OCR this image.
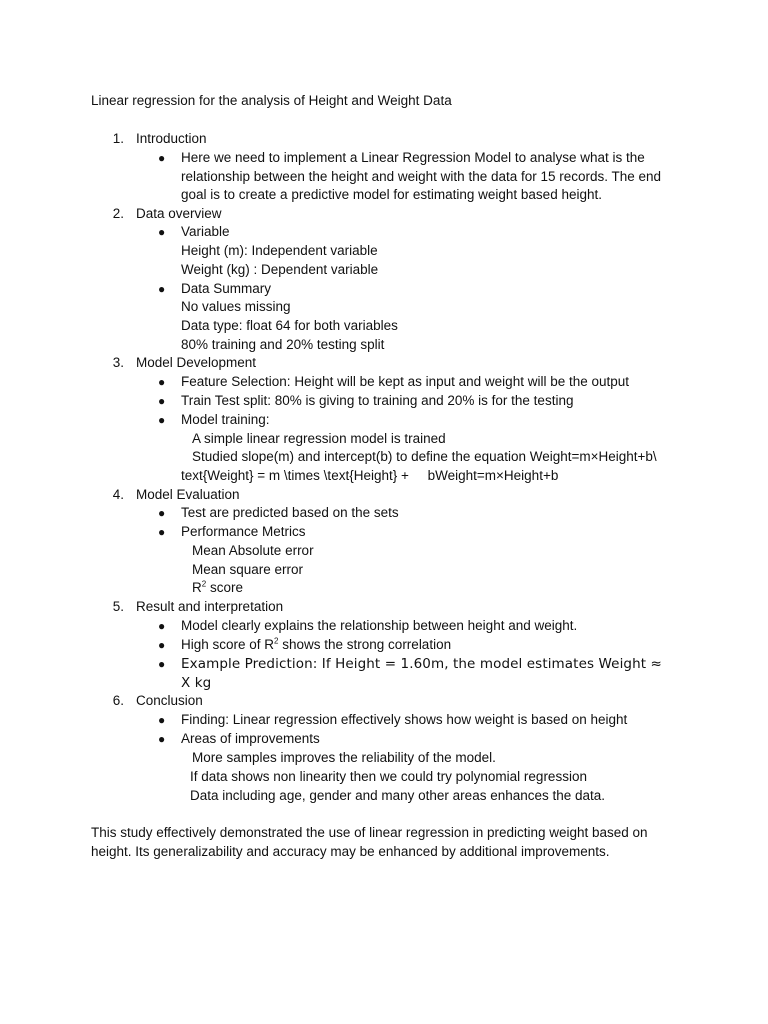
Linear regression for the analysis of Height and Weight Data
1. Introduction
● Here we need to implement a Linear Regression Model to analyse what is the
relationship between the height and weight with the data for 15 records. The end
goal is to create a predictive model for estimating weight based height.
2. Data overview
● Variable
Height (m): Independent variable
Weight (kg) : Dependent variable
● Data Summary
No values missing
Data type: float 64 for both variables
80% training and 20% testing split
3. Model Development
● Feature Selection: Height will be kept as input and weight will be the output
● Train Test split: 80% is giving to training and 20% is for the testing
● Model training:
A simple linear regression model is trained
Studied slope(m) and intercept(b) to define the equation Weight=m×Height+b\
text{Weight} = m \times \text{Height} +     bWeight=m×Height+b
4. Model Evaluation
● Test are predicted based on the sets
● Performance Metrics
Mean Absolute error
Mean square error
$R^2$ score
5. Result and interpretation
● Model clearly explains the relationship between height and weight.
● High score of $R^2$ shows the strong correlation
● Example Prediction: If Height = 1.60m, the model estimates Weight ≈
X kg
6. Conclusion
● Finding: Linear regression effectively shows how weight is based on height
● Areas of improvements
More samples improves the reliability of the model.
If data shows non linearity then we could try polynomial regression
Data including age, gender and many other areas enhances the data.
This study effectively demonstrated the use of linear regression in predicting weight based on
height. Its generalizability and accuracy may be enhanced by additional improvements.
